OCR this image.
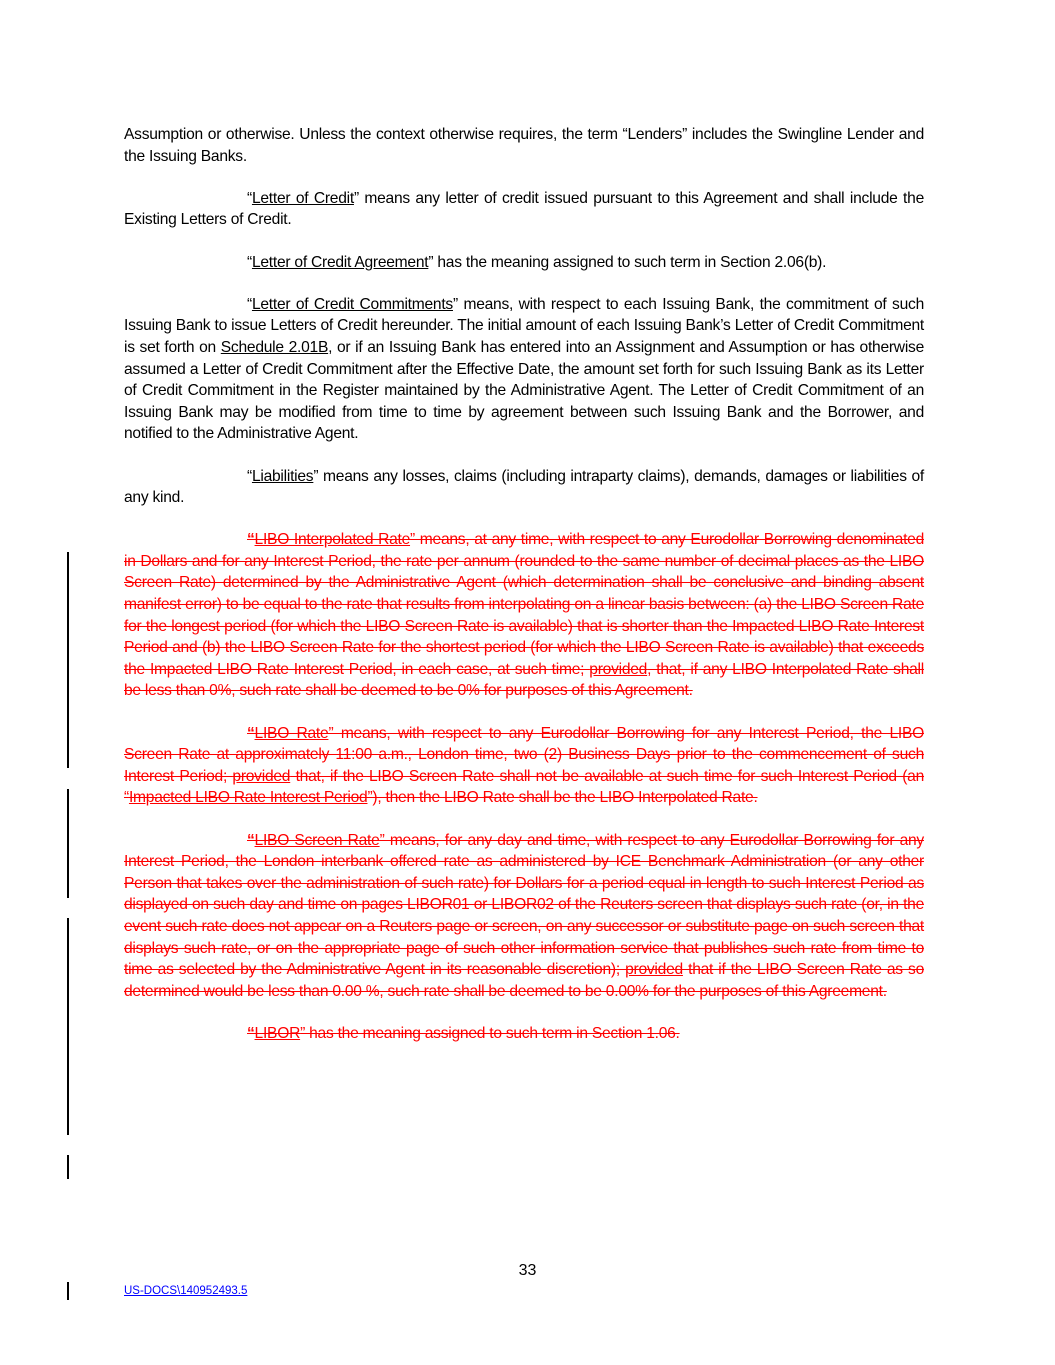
Assumption or otherwise. Unless the context otherwise requires, the term “Lenders” includes the Swingline Lender and the Issuing Banks.

“Letter of Credit” means any letter of credit issued pursuant to this Agreement and shall include the Existing Letters of Credit.

“Letter of Credit Agreement” has the meaning assigned to such term in Section 2.06(b).

“Letter of Credit Commitments” means, with respect to each Issuing Bank, the commitment of such Issuing Bank to issue Letters of Credit hereunder. The initial amount of each Issuing Bank’s Letter of Credit Commitment is set forth on Schedule 2.01B, or if an Issuing Bank has entered into an Assignment and Assumption or has otherwise assumed a Letter of Credit Commitment after the Effective Date, the amount set forth for such Issuing Bank as its Letter of Credit Commitment in the Register maintained by the Administrative Agent. The Letter of Credit Commitment of an Issuing Bank may be modified from time to time by agreement between such Issuing Bank and the Borrower, and notified to the Administrative Agent.

“Liabilities” means any losses, claims (including intraparty claims), demands, damages or liabilities of any kind.

“LIBO Interpolated Rate” means, at any time, with respect to any Eurodollar Borrowing denominated in Dollars and for any Interest Period, the rate per annum (rounded to the same number of decimal places as the LIBO Screen Rate) determined by the Administrative Agent (which determination shall be conclusive and binding absent manifest error) to be equal to the rate that results from interpolating on a linear basis between: (a) the LIBO Screen Rate for the longest period (for which the LIBO Screen Rate is available) that is shorter than the Impacted LIBO Rate Interest Period and (b) the LIBO Screen Rate for the shortest period (for which the LIBO Screen Rate is available) that exceeds the Impacted LIBO Rate Interest Period, in each case, at such time; provided, that, if any LIBO Interpolated Rate shall be less than 0%, such rate shall be deemed to be 0% for purposes of this Agreement.

“LIBO Rate” means, with respect to any Eurodollar Borrowing for any Interest Period, the LIBO Screen Rate at approximately 11:00 a.m., London time, two (2) Business Days prior to the commencement of such Interest Period; provided that, if the LIBO Screen Rate shall not be available at such time for such Interest Period (an “Impacted LIBO Rate Interest Period”), then the LIBO Rate shall be the LIBO Interpolated Rate.

“LIBO Screen Rate” means, for any day and time, with respect to any Eurodollar Borrowing for any Interest Period, the London interbank offered rate as administered by ICE Benchmark Administration (or any other Person that takes over the administration of such rate) for Dollars for a period equal in length to such Interest Period as displayed on such day and time on pages LIBOR01 or LIBOR02 of the Reuters screen that displays such rate (or, in the event such rate does not appear on a Reuters page or screen, on any successor or substitute page on such screen that displays such rate, or on the appropriate page of such other information service that publishes such rate from time to time as selected by the Administrative Agent in its reasonable discretion); provided that if the LIBO Screen Rate as so determined would be less than 0.00 %, such rate shall be deemed to be 0.00% for the purposes of this Agreement.

“LIBOR” has the meaning assigned to such term in Section 1.06.

33
US-DOCS\140952493.5
